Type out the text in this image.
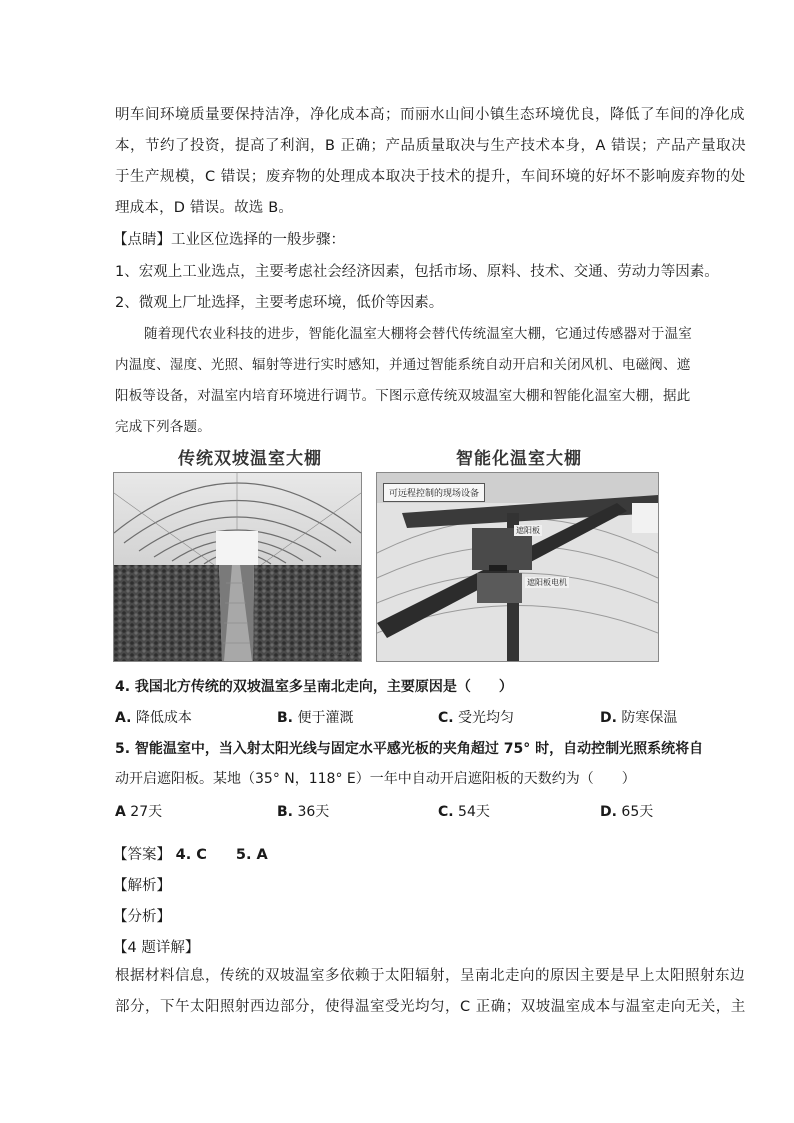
明车间环境质量要保持洁净，净化成本高；而丽水山间小镇生态环境优良，降低了车间的净化成
本，节约了投资，提高了利润，B 正确；产品质量取决与生产技术本身，A 错误；产品产量取决
于生产规模，C 错误；废弃物的处理成本取决于技术的提升，车间环境的好坏不影响废弃物的处
理成本，D 错误。故选 B。
【点睛】工业区位选择的一般步骤：
1、宏观上工业选点，主要考虑社会经济因素，包括市场、原料、技术、交通、劳动力等因素。
2、微观上厂址选择，主要考虑环境，低价等因素。
随着现代农业科技的进步，智能化温室大棚将会替代传统温室大棚，它通过传感器对于温室
内温度、湿度、光照、辐射等进行实时感知，并通过智能系统自动开启和关闭风机、电磁阀、遮
阳板等设备，对温室内培育环境进行调节。下图示意传统双坡温室大棚和智能化温室大棚，据此
完成下列各题。
传统双坡温室大棚	智能化温室大棚
微信号:ozzhws
可远程控制的现场设备
遮阳板
遮阳板电机
4. 我国北方传统的双坡温室多呈南北走向，主要原因是（　　）
A. 降低成本	B. 便于灌溉	C. 受光均匀	D. 防寒保温
5. 智能温室中，当入射太阳光线与固定水平感光板的夹角超过 75° 时，自动控制光照系统将自
动开启遮阳板。某地（35° N，118° E）一年中自动开启遮阳板的天数约为（　　）
A 27天	B. 36天	C. 54天	D. 65天
【答案】 4. C　　5. A
【解析】
【分析】
【4 题详解】
根据材料信息，传统的双坡温室多依赖于太阳辐射，呈南北走向的原因主要是早上太阳照射东边
部分，下午太阳照射西边部分，使得温室受光均匀，C 正确；双坡温室成本与温室走向无关，主
